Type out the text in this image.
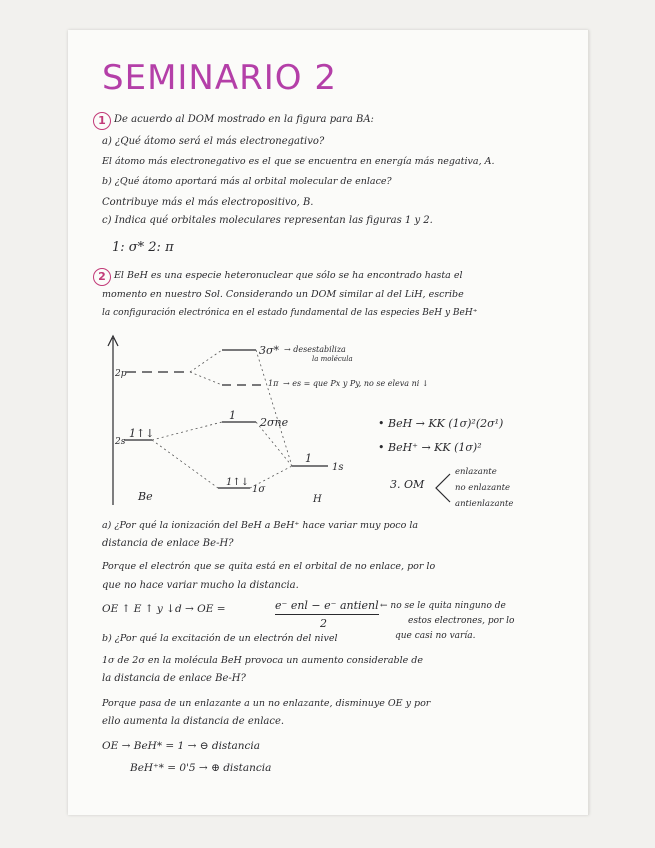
SEMINARIO 2
1 De acuerdo al DOM mostrado en la figura para BA:
a) ¿Qué átomo será el más electronegativo?
El átomo más electronegativo es el que se encuentra en energía más negativa, A.
b) ¿Qué átomo aportará más al orbital molecular de enlace?
Contribuye más el más electropositivo, B.
c) Indica qué orbitales moleculares representan las figuras 1 y 2.
1: σ* 2: π
2 El BeH es una especie heteronuclear que sólo se ha encontrado hasta el
momento en nuestro Sol. Considerando un DOM similar al del LiH, escribe
la configuración electrónica en el estado fundamental de las especies BeH y BeH⁺
2p
2s
1↑↓
Be
3σ* → desestabiliza
la molécula
1π → es = que Px y Py, no se eleva ni ↓
1
2σne
1↑↓
1σ
1
1s
H
• BeH → KK (1σ)²(2σ¹)
• BeH⁺ → KK (1σ)²
3. OM
enlazante
no enlazante
antienlazante
a) ¿Por qué la ionización del BeH a BeH⁺ hace variar muy poco la
distancia de enlace Be-H?
Porque el electrón que se quita está en el orbital de no enlace, por lo
que no hace variar mucho la distancia.
OE ↑ E ↑ y ↓d → OE =	e⁻ enl − e⁻ antienl
2
← no se le quita ninguno de
estos electrones, por lo
que casi no varía.
b) ¿Por qué la excitación de un electrón del nivel
1σ de 2σ en la molécula BeH provoca un aumento considerable de
la distancia de enlace Be-H?
Porque pasa de un enlazante a un no enlazante, disminuye OE y por
ello aumenta la distancia de enlace.
OE → BeH* = 1 → ⊖ distancia
BeH⁺* = 0'5 → ⊕ distancia
